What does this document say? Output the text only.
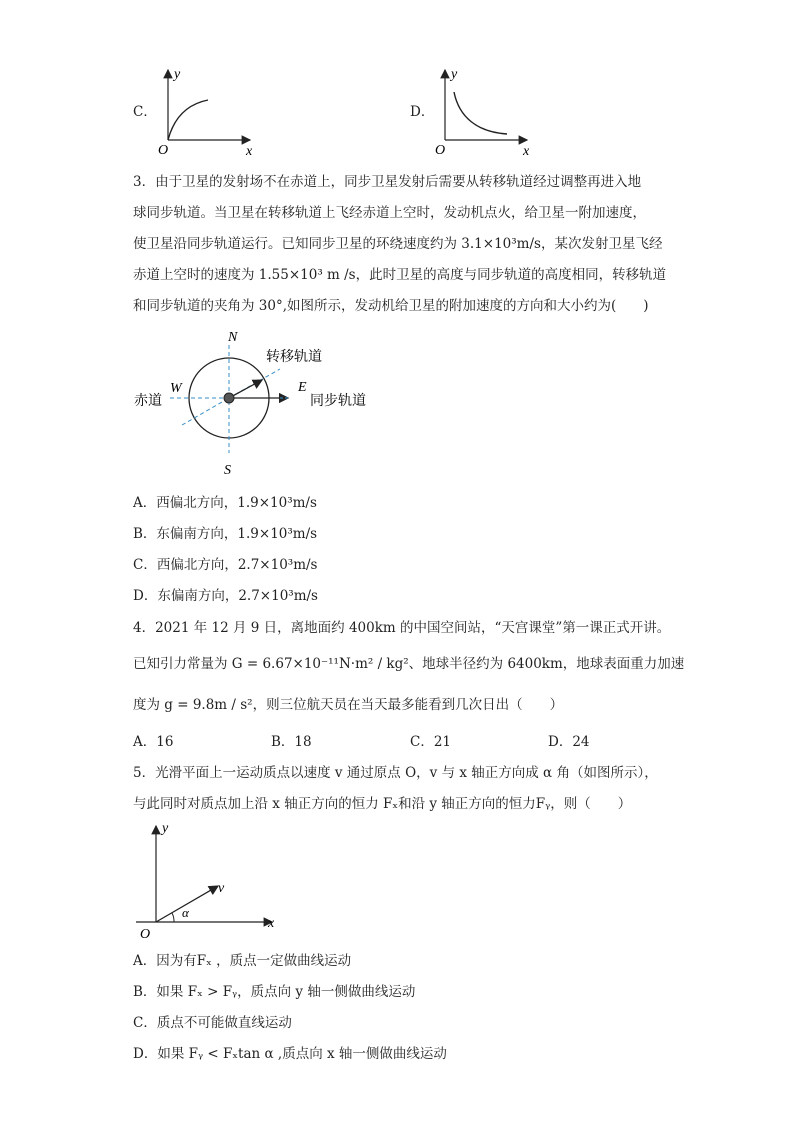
C．
y
x
O
D．
y
x
O
3．由于卫星的发射场不在赤道上，同步卫星发射后需要从转移轨道经过调整再进入地
球同步轨道。当卫星在转移轨道上飞经赤道上空时，发动机点火，给卫星一附加速度，
使卫星沿同步轨道运行。已知同步卫星的环绕速度约为 3.1×10³m/s，某次发射卫星飞经
赤道上空时的速度为 1.55×10³ m /s，此时卫星的高度与同步轨道的高度相同，转移轨道
和同步轨道的夹角为 30°,如图所示，发动机给卫星的附加速度的方向和大小约为(　　)
N
S
W	E
赤道
转移轨道
同步轨道
A．西偏北方向，1.9×10³m/s
B．东偏南方向，1.9×10³m/s
C．西偏北方向，2.7×10³m/s
D．东偏南方向，2.7×10³m/s
4．2021 年 12 月 9 日，离地面约 400km 的中国空间站，“天宫课堂”第一课正式开讲。
已知引力常量为 G = 6.67×10⁻¹¹N·m² / kg²、地球半径约为 6400km，地球表面重力加速
度为 g = 9.8m / s²，则三位航天员在当天最多能看到几次日出（　　）
A．16	B．18	C．21	D．24
5．光滑平面上一运动质点以速度 v 通过原点 O，v 与 x 轴正方向成 α 角（如图所示），
与此同时对质点加上沿 x 轴正方向的恒力 Fₓ和沿 y 轴正方向的恒力Fᵧ，则（　　）
y
x
O
v
α
A．因为有Fₓ ，质点一定做曲线运动
B．如果 Fₓ > Fᵧ，质点向 y 轴一侧做曲线运动
C．质点不可能做直线运动
D．如果 Fᵧ < Fₓtan α ,质点向 x 轴一侧做曲线运动
